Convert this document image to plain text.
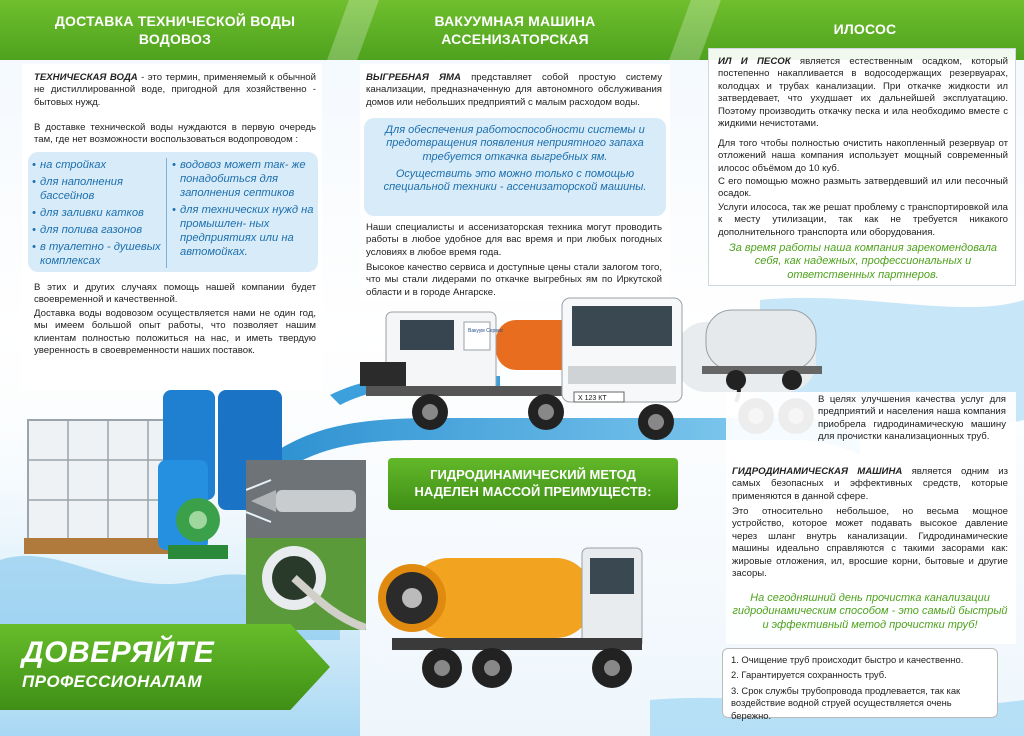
ДОСТАВКА ТЕХНИЧЕСКОЙ ВОДЫ
ВОДОВОЗ
ВАКУУМНАЯ МАШИНА
АССЕНИЗАТОРСКАЯ
ИЛОСОС
ТЕХНИЧЕСКАЯ ВОДА - это термин, применяемый к обычной не дистиллированной воде, пригодной для хозяйственно - бытовых нужд.
В доставке технической воды нуждаются в первую очередь там, где нет возможности воспользоваться водопроводом :
• на стройках
• для наполнения бассейнов
• для заливки катков
• для полива газонов
• в туалетно - душевых комплексах
• водовоз может так- же понадобиться для заполнения септиков
• для технических нужд на промышлен- ных предприятиях или на автомойках.
В этих и других случаях помощь нашей компании будет своевременной и качественной.
Доставка воды водовозом осуществляется нами не один год, мы имеем большой опыт работы, что позволяет нашим клиентам полностью положиться на нас, и иметь твердую уверенность в своевременности наших поставок.
ДОВЕРЯЙТЕ
ПРОФЕССИОНАЛАМ
ВЫГРЕБНАЯ ЯМА представляет собой простую систему канализации, предназначенную для автономного обслуживания домов или небольших предприятий с малым расходом воды.
Для обеспечения работоспособности системы и предотвращения появления неприятного запаха требуется откачка выгребных ям.
Осуществить это можно только с помощью специальной техники - ассенизаторской машины.
Наши специалисты и ассенизаторская техника могут проводить работы в любое удобное для вас время и при любых погодных условиях в любое время года.
Высокое качество сервиса и доступные цены стали залогом того, что мы стали лидерами по откачке выгребных ям по Иркутской области и в городе Ангарске.
Вакуум Сервис
Х 123 КТ
ГИДРОДИНАМИЧЕСКИЙ МЕТОД
НАДЕЛЕН МАССОЙ ПРЕИМУЩЕСТВ:
ИЛ И ПЕСОК является естественным осадком, который постепенно накапливается в водосодержащих резервуарах, колодцах и трубах канализации. При откачке жидкости ил затвердевает, что ухудшает их дальнейшей эксплуатацию. Поэтому производить откачку песка и ила необходимо вместе с жидкими нечистотами.
Для того чтобы полностью очистить накопленный резервуар от отложений наша компания использует мощный современный илосос объёмом до 10 куб.
С его помощью можно размыть затвердевший ил или песочный осадок.
Услуги илососа, так же решат проблему с транспортировкой ила к месту утилизации, так как не требуется никакого дополнительного транспорта или оборудования.
За время работы наша компания зарекомендовала себя, как надежных, профессиональных и ответственных партнеров.
В целях улучшения качества услуг для предприятий и населения наша компания приобрела гидродинамическую машину для прочистки канализационных труб.
ГИДРОДИНАМИЧЕСКАЯ МАШИНА является одним из самых безопасных и эффективных средств, которые применяются в данной сфере.
Это относительно небольшое, но весьма мощное устройство, которое может подавать высокое давление через шланг внутрь канализации. Гидродинамические машины идеально справляются с такими засорами как: жировые отложения, ил, вросшие корни, бытовые и другие засоры.
На сегодняшний день прочистка канализации гидродинамическим способом - это самый быстрый и эффективный метод прочистки труб!
1. Очищение труб происходит быстро и качественно.
2. Гарантируется сохранность труб.
3. Срок службы трубопровода продлевается, так как воздействие водной струей осуществляется очень бережно.
